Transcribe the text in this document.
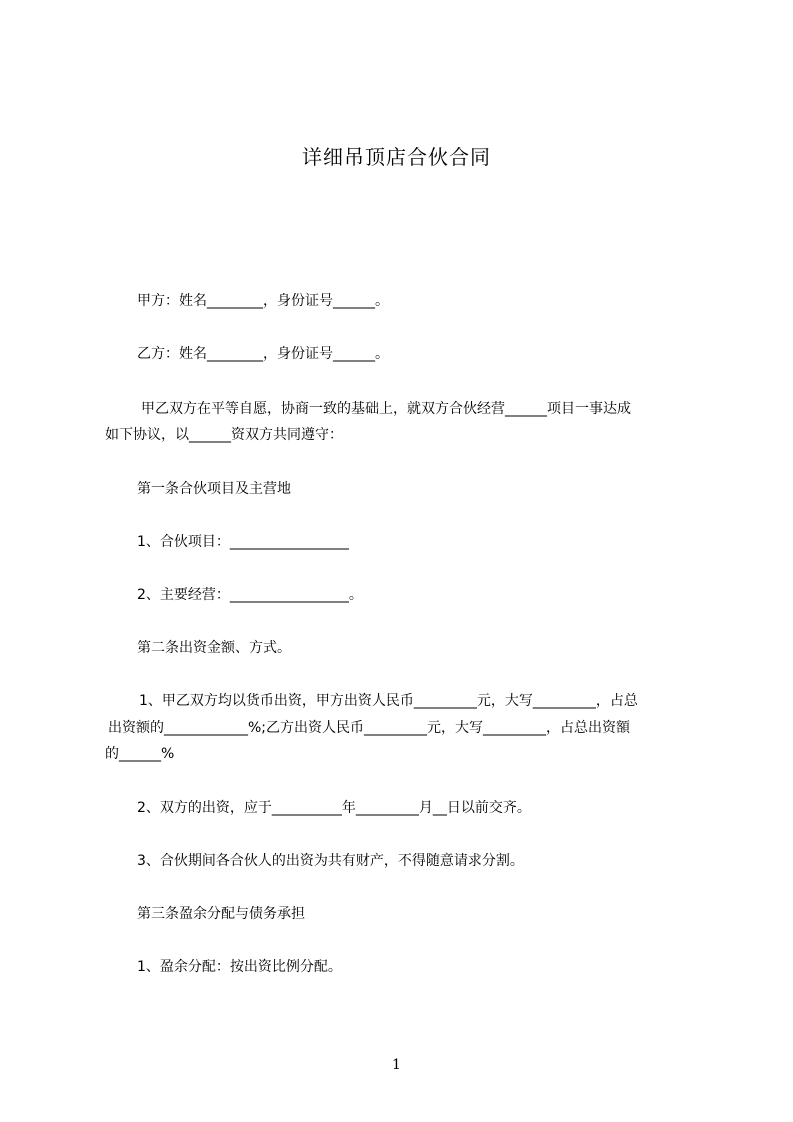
详细吊顶店合伙合同
甲方：姓名________，身份证号______。
乙方：姓名________，身份证号______。
甲乙双方在平等自愿，协商一致的基础上，就双方合伙经营______项目一事达成
如下协议，以______资双方共同遵守：
第一条合伙项目及主营地
1、合伙项目：_________________
2、主要经营：_________________。
第二条出资金额、方式。
1、甲乙双方均以货币出资，甲方出资人民币_________元，大写_________，占总
出资额的____________%;乙方出资人民币_________元，大写_________，占总出资額
的______%
2、双方的出资，应于__________年_________月__日以前交齐。
3、合伙期间各合伙人的出资为共有财产，不得随意请求分割。
第三条盈余分配与债务承担
1、盈余分配：按出资比例分配。
1
